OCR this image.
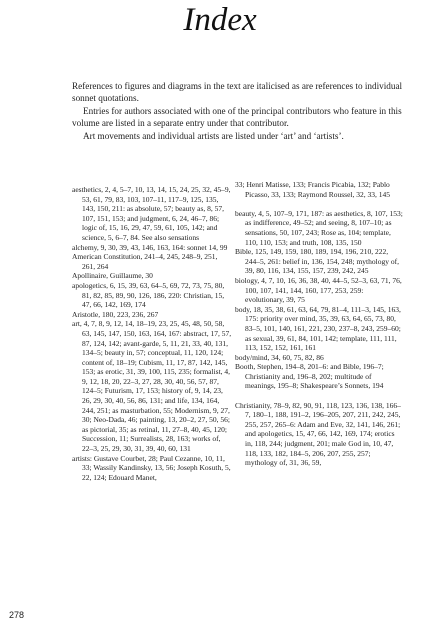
Index

References to figures and diagrams in the text are italicised as are references to individual sonnet quotations.

Entries for authors associated with one of the principal contributors who feature in this volume are listed in a separate entry under that contributor.

Art movements and individual artists are listed under ‘art’ and ‘artists’.

aesthetics, 2, 4, 5–7, 10, 13, 14, 15, 24, 25, 32, 45–9, 53, 61, 79, 83, 103, 107–11, 117–9, 125, 135, 143, 150, 211: as absolute, 57; beauty as, 8, 57, 107, 151, 153; and judgment, 6, 24, 46–7, 86; logic of, 15, 16, 29, 47, 59, 61, 105, 142; and science, 5, 6–7, 84. See also sensations

alchemy, 9, 30, 39, 43, 146, 163, 164: sonnet 14, 99

American Constitution, 241–4, 245, 248–9, 251, 261, 264

Apollinaire, Guillaume, 30

apologetics, 6, 15, 39, 63, 64–5, 69, 72, 73, 75, 80, 81, 82, 85, 89, 90, 126, 186, 220: Christian, 15, 47, 66, 142, 169, 174

Aristotle, 180, 223, 236, 267

art, 4, 7, 8, 9, 12, 14, 18–19, 23, 25, 45, 48, 50, 58, 63, 145, 147, 150, 163, 164, 167: abstract, 17, 57, 87, 124, 142; avant-garde, 5, 11, 21, 33, 40, 131, 134–5; beauty in, 57; conceptual, 11, 120, 124; content of, 18–19; Cubism, 11, 17, 87, 142, 145, 153; as erotic, 31, 39, 100, 115, 235; formalist, 4, 9, 12, 18, 20, 22–3, 27, 28, 30, 40, 56, 57, 87, 124–5; Futurism, 17, 153; history of, 9, 14, 23, 26, 29, 30, 40, 56, 86, 131; and life, 134, 164, 244, 251; as masturbation, 55; Modernism, 9, 27, 30; Neo-Dada, 46; painting, 13, 20–2, 27, 50, 56; as pictorial, 35; as retinal, 11, 27–8, 40, 45, 120; Succession, 11; Surrealists, 28, 163; works of, 22–3, 25, 29, 30, 31, 39, 40, 60, 131

artists: Gustave Courbet, 28; Paul Cezanne, 10, 11, 33; Wassily Kandinsky, 13, 56; Joseph Kosuth, 5, 22, 124; Edouard Manet,

33; Henri Matisse, 133; Francis Picabia, 132; Pablo Picasso, 33, 133; Raymond Roussel, 32, 33, 145

beauty, 4, 5, 107–9, 171, 187: as aesthetics, 8, 107, 153; as indifference, 49–52; and seeing, 8, 107–10; as sensations, 50, 107, 243; Rose as, 104; template, 110, 110, 153; and truth, 108, 135, 150

Bible, 125, 149, 159, 180, 189, 194, 196, 210, 222, 244–5, 261: belief in, 136, 154, 248; mythology of, 39, 80, 116, 134, 155, 157, 239, 242, 245

biology, 4, 7, 10, 16, 36, 38, 40, 44–5, 52–3, 63, 71, 76, 100, 107, 141, 144, 160, 177, 253, 259: evolutionary, 39, 75

body, 18, 35, 38, 61, 63, 64, 79, 81–4, 111–3, 145, 163, 175: priority over mind, 35, 39, 63, 64, 65, 73, 80, 83–5, 101, 140, 161, 221, 230, 237–8, 243, 259–60; as sexual, 39, 61, 84, 101, 142; template, 111, 111, 113, 152, 152, 161, 161

body/mind, 34, 60, 75, 82, 86

Booth, Stephen, 194–8, 201–6: and Bible, 196–7; Christianity and, 196–8, 202; multitude of meanings, 195–8; Shakespeare’s Sonnets, 194

Christianity, 78–9, 82, 90, 91, 118, 123, 136, 138, 166–7, 180–1, 188, 191–2, 196–205, 207, 211, 242, 245, 255, 257, 265–6: Adam and Eve, 32, 141, 146, 261; and apologetics, 15, 47, 66, 142, 169, 174; erotics in, 118, 244; judgment, 201; male God in, 10, 47, 118, 133, 182, 184–5, 206, 207, 255, 257; mythology of, 31, 36, 59,

278
